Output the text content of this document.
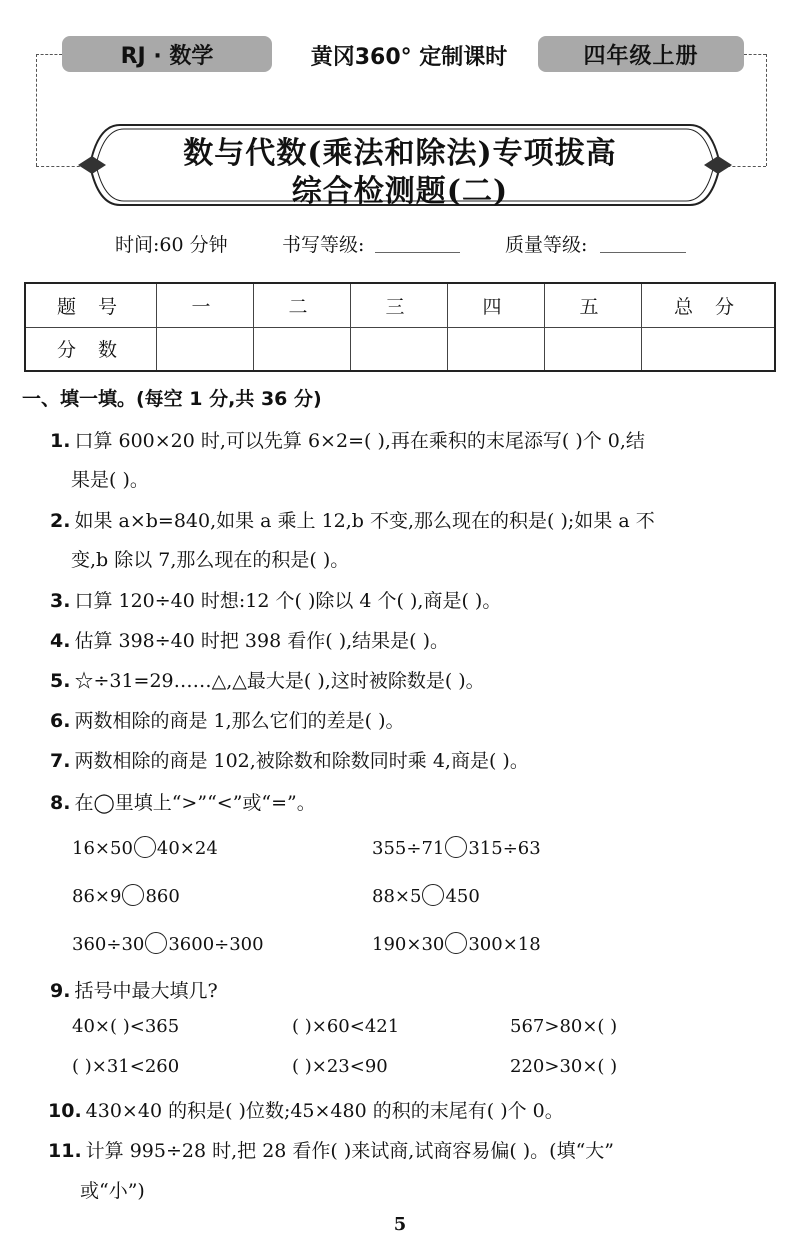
RJ · 数学	黄冈360° 定制课时	四年级上册
数与代数(乘法和除法)专项拔高
综合检测题(二)
时间:60 分钟	书写等级:	质量等级:
题 号	一	二	三	四	五	总 分
分 数						
一、填一填。(每空 1 分,共 36 分)
1. 口算 600×20 时,可以先算 6×2=( ),再在乘积的末尾添写( )个 0,结
果是( )。
2. 如果 a×b=840,如果 a 乘上 12,b 不变,那么现在的积是( );如果 a 不
变,b 除以 7,那么现在的积是( )。
3. 口算 120÷40 时想:12 个( )除以 4 个( ),商是( )。
4. 估算 398÷40 时把 398 看作( ),结果是( )。
5. ☆÷31=29……△,△最大是( ),这时被除数是( )。
6. 两数相除的商是 1,那么它们的差是( )。
7. 两数相除的商是 102,被除数和除数同时乘 4,商是( )。
8. 在◯里填上“>”“<”或“=”。
16×50 40×24	355÷71 315÷63
86×9 860	88×5 450
360÷30 3600÷300	190×30 300×18
9. 括号中最大填几?
40×( )<365	( )×60<421	567>80×( )
( )×31<260	( )×23<90	220>30×( )
10. 430×40 的积是( )位数;45×480 的积的末尾有( )个 0。
11. 计算 995÷28 时,把 28 看作( )来试商,试商容易偏( )。(填“大”
或“小”)
5
